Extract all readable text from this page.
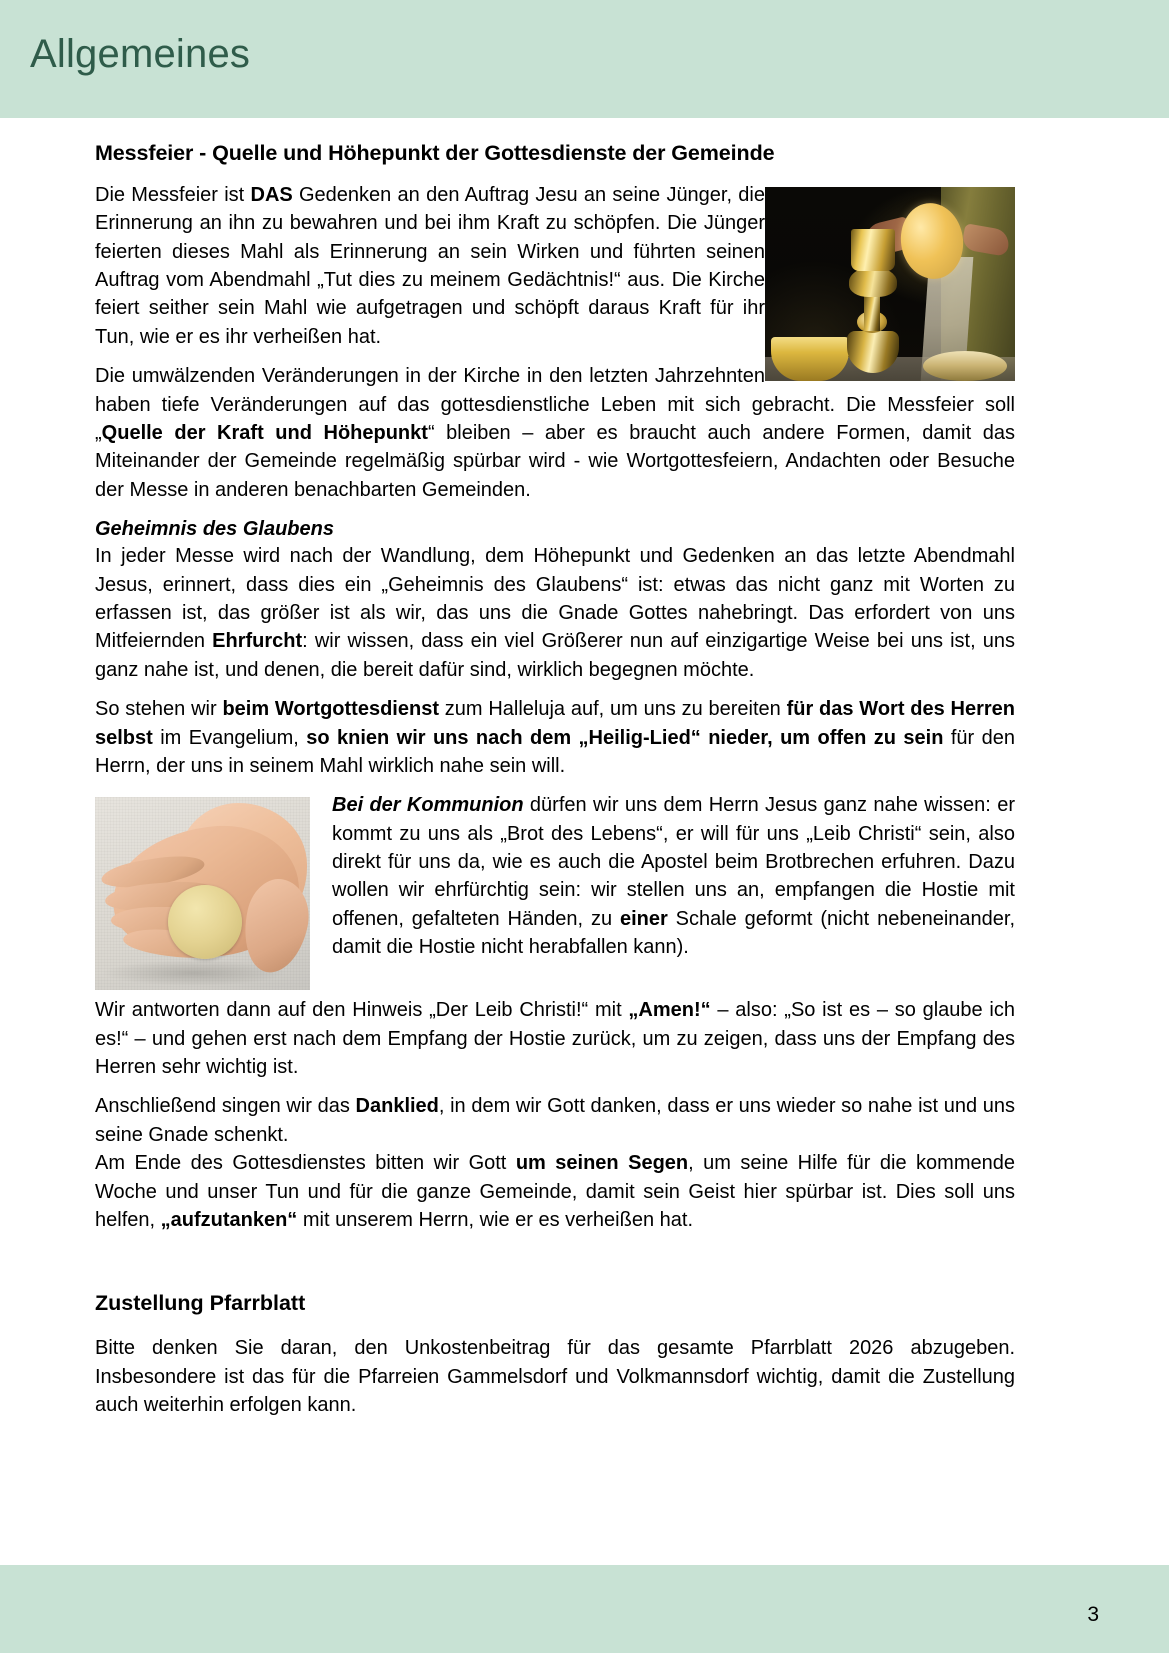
Allgemeines
Messfeier - Quelle und Höhepunkt der Gottesdienste der Gemeinde

Die Messfeier ist DAS Gedenken an den Auftrag Jesu an seine Jünger, die Erinnerung an ihn zu bewahren und bei ihm Kraft zu schöpfen. Die Jünger feierten dieses Mahl als Erinnerung an sein Wirken und führten seinen Auftrag vom Abendmahl „Tut dies zu meinem Gedächtnis!“ aus. Die Kirche feiert seither sein Mahl wie aufgetragen und schöpft daraus Kraft für ihr Tun, wie er es ihr verheißen hat.

Die umwälzenden Veränderungen in der Kirche in den letzten Jahrzehnten haben tiefe Veränderungen auf das gottesdienstliche Leben mit sich gebracht. Die Messfeier soll „Quelle der Kraft und Höhepunkt“ bleiben – aber es braucht auch andere Formen, damit das Miteinander der Gemeinde regelmäßig spürbar wird - wie Wortgottesfeiern, Andachten oder Besuche der Messe in anderen benachbarten Gemeinden.

Geheimnis des Glaubens

In jeder Messe wird nach der Wandlung, dem Höhepunkt und Gedenken an das letzte Abendmahl Jesus, erinnert, dass dies ein „Geheimnis des Glaubens“ ist: etwas das nicht ganz mit Worten zu erfassen ist, das größer ist als wir, das uns die Gnade Gottes nahebringt. Das erfordert von uns Mitfeiernden Ehrfurcht: wir wissen, dass ein viel Größerer nun auf einzigartige Weise bei uns ist, uns ganz nahe ist, und denen, die bereit dafür sind, wirklich begegnen möchte.

So stehen wir beim Wortgottesdienst zum Halleluja auf, um uns zu bereiten für das Wort des Herren selbst im Evangelium, so knien wir uns nach dem „Heilig-Lied“ nieder, um offen zu sein für den Herrn, der uns in seinem Mahl wirklich nahe sein will.

Bei der Kommunion dürfen wir uns dem Herrn Jesus ganz nahe wissen: er kommt zu uns als „Brot des Lebens“, er will für uns „Leib Christi“ sein, also direkt für uns da, wie es auch die Apostel beim Brotbrechen erfuhren. Dazu wollen wir ehrfürchtig sein: wir stellen uns an, empfangen die Hostie mit offenen, gefalteten Händen, zu einer Schale geformt (nicht nebeneinander, damit die Hostie nicht herabfallen kann).

Wir antworten dann auf den Hinweis „Der Leib Christi!“ mit „Amen!“ – also: „So ist es – so glaube ich es!“ – und gehen erst nach dem Empfang der Hostie zurück, um zu zeigen, dass uns der Empfang des Herren sehr wichtig ist.

Anschließend singen wir das Danklied, in dem wir Gott danken, dass er uns wieder so nahe ist und uns seine Gnade schenkt.

Am Ende des Gottesdienstes bitten wir Gott um seinen Segen, um seine Hilfe für die kommende Woche und unser Tun und für die ganze Gemeinde, damit sein Geist hier spürbar ist. Dies soll uns helfen, „aufzutanken“ mit unserem Herrn, wie er es verheißen hat.

Zustellung Pfarrblatt

Bitte denken Sie daran, den Unkostenbeitrag für das gesamte Pfarrblatt 2026 abzugeben. Insbesondere ist das für die Pfarreien Gammelsdorf und Volkmannsdorf wichtig, damit die Zustellung auch weiterhin erfolgen kann.

3
